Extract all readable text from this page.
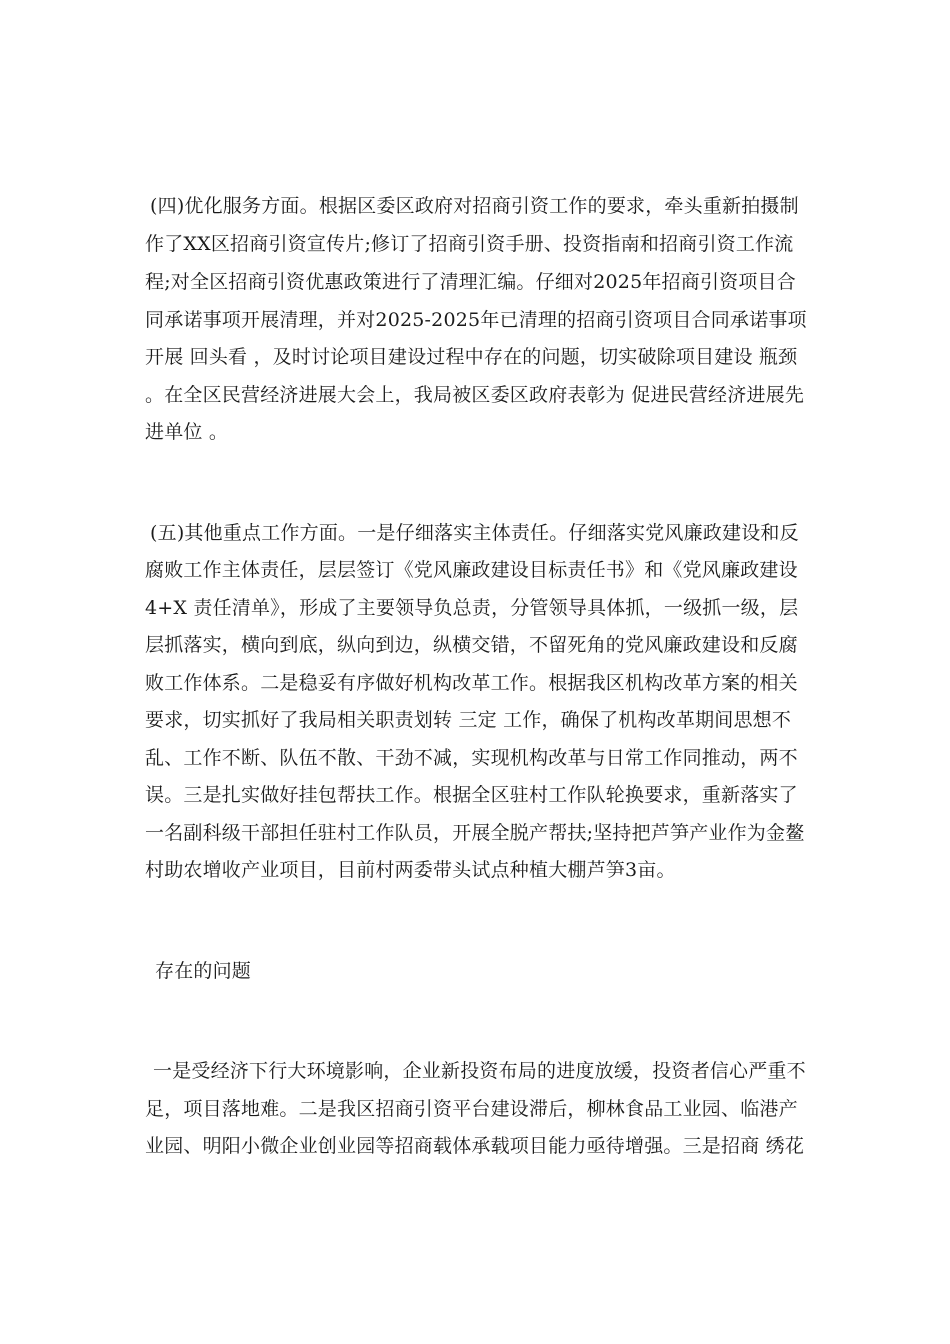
(四)优化服务方面。根据区委区政府对招商引资工作的要求，牵头重新拍摄制
作了XX区招商引资宣传片;修订了招商引资手册、投资指南和招商引资工作流
程;对全区招商引资优惠政策进行了清理汇编。仔细对2025年招商引资项目合
同承诺事项开展清理，并对2025-2025年已清理的招商引资项目合同承诺事项
开展 回头看 ，及时讨论项目建设过程中存在的问题，切实破除项目建设 瓶颈
。在全区民营经济进展大会上，我局被区委区政府表彰为 促进民营经济进展先
进单位 。
(五)其他重点工作方面。一是仔细落实主体责任。仔细落实党风廉政建设和反
腐败工作主体责任，层层签订《党风廉政建设目标责任书》和《党风廉政建设
4+X 责任清单》，形成了主要领导负总责，分管领导具体抓，一级抓一级，层
层抓落实，横向到底，纵向到边，纵横交错，不留死角的党风廉政建设和反腐
败工作体系。二是稳妥有序做好机构改革工作。根据我区机构改革方案的相关
要求，切实抓好了我局相关职责划转 三定 工作，确保了机构改革期间思想不
乱、工作不断、队伍不散、干劲不减，实现机构改革与日常工作同推动，两不
误。三是扎实做好挂包帮扶工作。根据全区驻村工作队轮换要求，重新落实了
一名副科级干部担任驻村工作队员，开展全脱产帮扶;坚持把芦笋产业作为金鳌
村助农增收产业项目，目前村两委带头试点种植大棚芦笋3亩。
存在的问题
一是受经济下行大环境影响，企业新投资布局的进度放缓，投资者信心严重不
足，项目落地难。二是我区招商引资平台建设滞后，柳林食品工业园、临港产
业园、明阳小微企业创业园等招商载体承载项目能力亟待增强。三是招商 绣花
